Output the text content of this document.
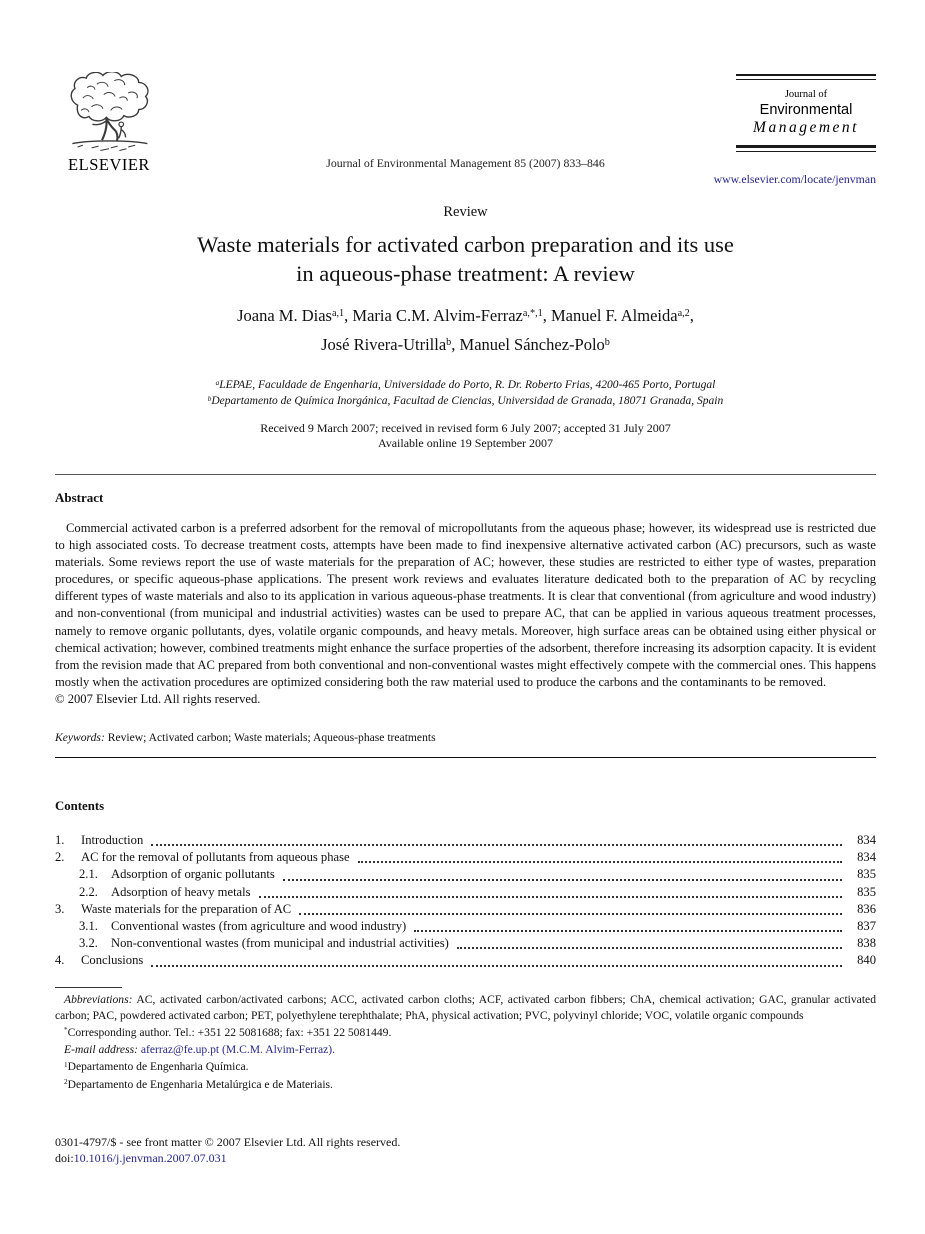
ELSEVIER	Journal of Environmental Management 85 (2007) 833–846
Journal of
Environmental
Management
www.elsevier.com/locate/jenvman
Review
Waste materials for activated carbon preparation and its use
in aqueous-phase treatment: A review
Joana M. Dias$^{a,1}$, Maria C.M. Alvim-Ferraz$^{a,*,1}$, Manuel F. Almeida$^{a,2}$,
José Rivera-Utrilla$^b$, Manuel Sánchez-Polo$^b$
$^a$LEPAE, Faculdade de Engenharia, Universidade do Porto, R. Dr. Roberto Frias, 4200-465 Porto, Portugal
$^b$Departamento de Química Inorgánica, Facultad de Ciencias, Universidad de Granada, 18071 Granada, Spain
Received 9 March 2007; received in revised form 6 July 2007; accepted 31 July 2007
Available online 19 September 2007
Abstract

Commercial activated carbon is a preferred adsorbent for the removal of micropollutants from the aqueous phase; however, its widespread use is restricted due to high associated costs. To decrease treatment costs, attempts have been made to find inexpensive alternative activated carbon (AC) precursors, such as waste materials. Some reviews report the use of waste materials for the preparation of AC; however, these studies are restricted to either type of wastes, preparation procedures, or specific aqueous-phase applications. The present work reviews and evaluates literature dedicated both to the preparation of AC by recycling different types of waste materials and also to its application in various aqueous-phase treatments. It is clear that conventional (from agriculture and wood industry) and non-conventional (from municipal and industrial activities) wastes can be used to prepare AC, that can be applied in various aqueous treatment processes, namely to remove organic pollutants, dyes, volatile organic compounds, and heavy metals. Moreover, high surface areas can be obtained using either physical or chemical activation; however, combined treatments might enhance the surface properties of the adsorbent, therefore increasing its adsorption capacity. It is evident from the revision made that AC prepared from both conventional and non-conventional wastes might effectively compete with the commercial ones. This happens mostly when the activation procedures are optimized considering both the raw material used to produce the carbons and the contaminants to be removed.

© 2007 Elsevier Ltd. All rights reserved.
Keywords: Review; Activated carbon; Waste materials; Aqueous-phase treatments
Contents
1.	Introduction	834
2.	AC for the removal of pollutants from aqueous phase	834
2.1.	Adsorption of organic pollutants	835
2.2.	Adsorption of heavy metals	835
3.	Waste materials for the preparation of AC	836
3.1.	Conventional wastes (from agriculture and wood industry)	837
3.2.	Non-conventional wastes (from municipal and industrial activities)	838
4.	Conclusions	840

Abbreviations: AC, activated carbon/activated carbons; ACC, activated carbon cloths; ACF, activated carbon fibbers; ChA, chemical activation; GAC, granular activated carbon; PAC, powdered activated carbon; PET, polyethylene terephthalate; PhA, physical activation; PVC, polyvinyl chloride; VOC, volatile organic compounds

*Corresponding author. Tel.: +351 22 5081688; fax: +351 22 5081449.
E-mail address: aferraz@fe.up.pt (M.C.M. Alvim-Ferraz).
$^1$Departamento de Engenharia Química.
$^2$Departamento de Engenharia Metalúrgica e de Materiais.
0301-4797/$ - see front matter © 2007 Elsevier Ltd. All rights reserved.
doi:10.1016/j.jenvman.2007.07.031
